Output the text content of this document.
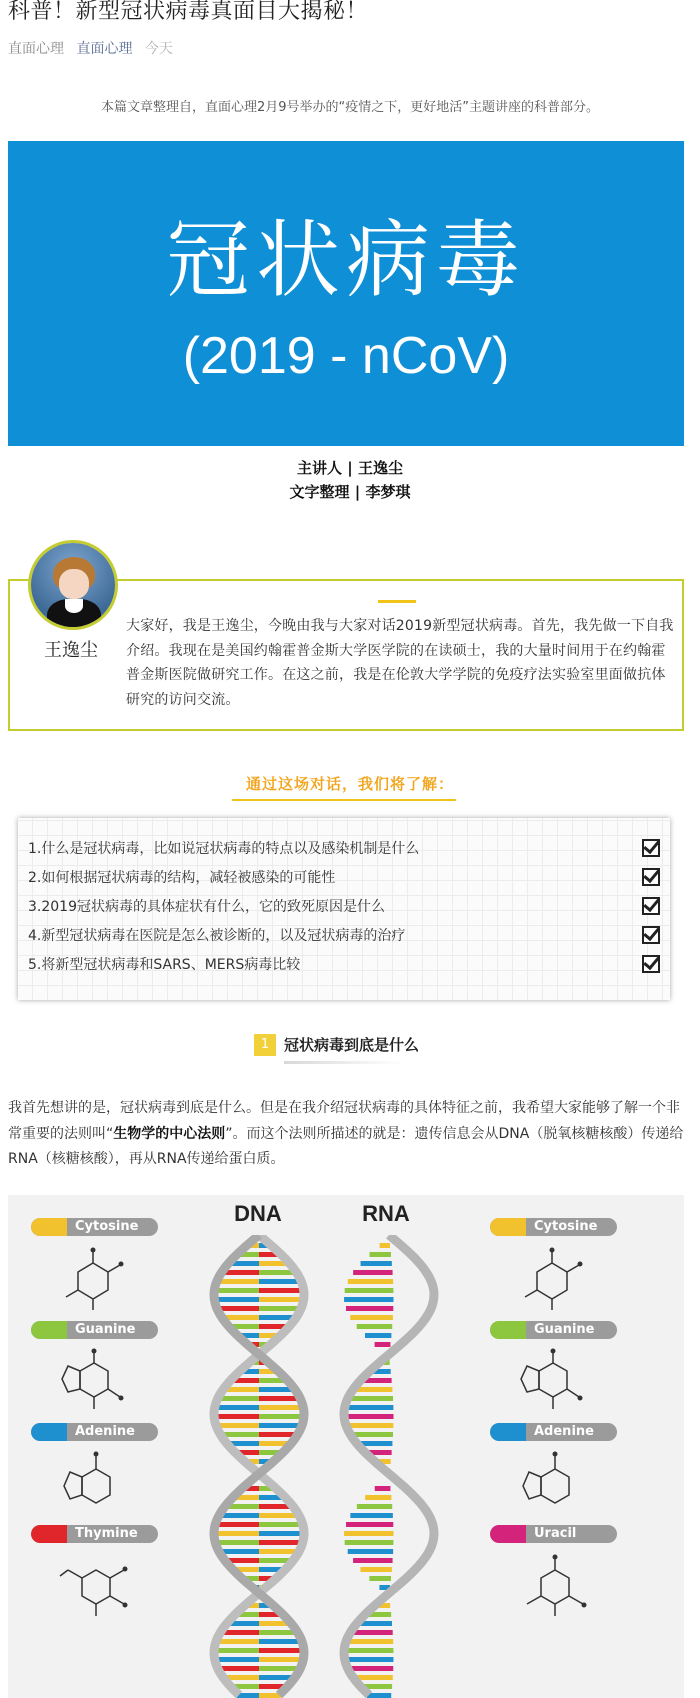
科普！新型冠状病毒真面目大揭秘！
直面心理 直面心理 今天
本篇文章整理自，直面心理2月9号举办的“疫情之下，更好地活”主题讲座的科普部分。
冠状病毒
(2019 - nCoV)
主讲人 | 王逸尘
文字整理 | 李梦琪
王逸尘
大家好，我是王逸尘，今晚由我与大家对话2019新型冠状病毒。首先，我先做一下自我介绍。我现在是美国约翰霍普金斯大学医学院的在读硕士，我的大量时间用于在约翰霍普金斯医院做研究工作。在这之前，我是在伦敦大学学院的免疫疗法实验室里面做抗体研究的访问交流。
通过这场对话，我们将了解：
1.什么是冠状病毒，比如说冠状病毒的特点以及感染机制是什么
2.如何根据冠状病毒的结构，减轻被感染的可能性
3.2019冠状病毒的具体症状有什么，它的致死原因是什么
4.新型冠状病毒在医院是怎么被诊断的，以及冠状病毒的治疗
5.将新型冠状病毒和SARS、MERS病毒比较
1 冠状病毒到底是什么
我首先想讲的是，冠状病毒到底是什么。但是在我介绍冠状病毒的具体特征之前，我希望大家能够了解一个非常重要的法则叫“生物学的中心法则”。而这个法则所描述的就是：遗传信息会从DNA（脱氧核糖核酸）传递给RNA（核糖核酸），再从RNA传递给蛋白质。
DNA	RNA
Cytosine
Guanine
Adenine
Thymine
Cytosine
Guanine
Adenine
Uracil
